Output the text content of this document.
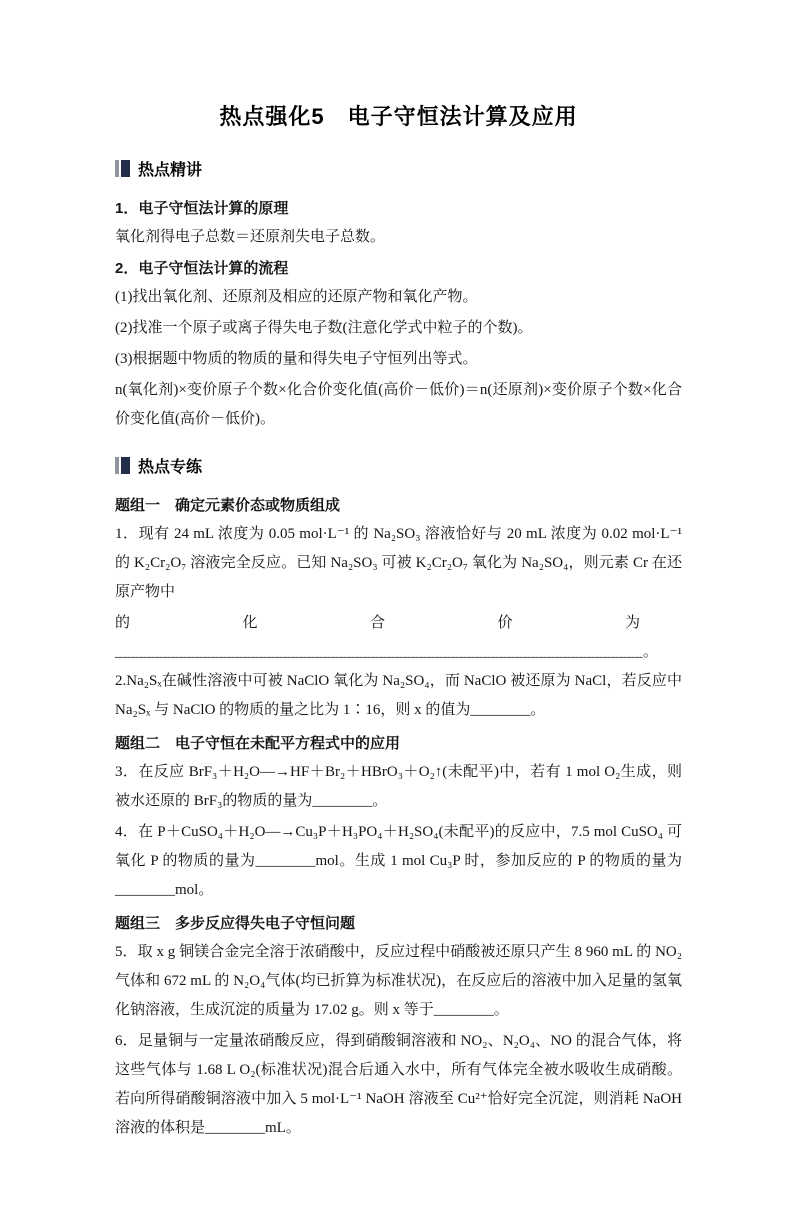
热点强化5　电子守恒法计算及应用
热点精讲

1．电子守恒法计算的原理

氧化剂得电子总数＝还原剂失电子总数。

2．电子守恒法计算的流程

(1)找出氧化剂、还原剂及相应的还原产物和氧化产物。

(2)找准一个原子或离子得失电子数(注意化学式中粒子的个数)。

(3)根据题中物质的物质的量和得失电子守恒列出等式。

n(氧化剂)×变价原子个数×化合价变化值(高价－低价)＝n(还原剂)×变价原子个数×化合价变化值(高价－低价)。

热点专练

题组一　确定元素价态或物质组成

1．现有 24 mL 浓度为 0.05 mol·L⁻¹ 的 Na₂SO₃ 溶液恰好与 20 mL 浓度为 0.02 mol·L⁻¹ 的 K₂Cr₂O₇ 溶液完全反应。已知 Na₂SO₃ 可被 K₂Cr₂O₇ 氧化为 Na₂SO₄，则元素 Cr 在还原产物中

的化合价为

__________________________________________________________________。

2.Na₂Sₓ在碱性溶液中可被 NaClO 氧化为 Na₂SO₄，而 NaClO 被还原为 NaCl，若反应中 Na₂Sₓ 与 NaClO 的物质的量之比为 1∶16，则 x 的值为________。

题组二　电子守恒在未配平方程式中的应用

3．在反应 BrF₃＋H₂O―→HF＋Br₂＋HBrO₃＋O₂↑(未配平)中，若有 1 mol O₂生成，则被水还原的 BrF₃的物质的量为________。

4．在 P＋CuSO₄＋H₂O―→Cu₃P＋H₃PO₄＋H₂SO₄(未配平)的反应中，7.5 mol CuSO₄ 可氧化 P 的物质的量为________mol。生成 1 mol Cu₃P 时，参加反应的 P 的物质的量为________mol。

题组三　多步反应得失电子守恒问题

5．取 x g 铜镁合金完全溶于浓硝酸中，反应过程中硝酸被还原只产生 8 960 mL 的 NO₂气体和 672 mL 的 N₂O₄气体(均已折算为标准状况)，在反应后的溶液中加入足量的氢氧化钠溶液，生成沉淀的质量为 17.02 g。则 x 等于________。

6．足量铜与一定量浓硝酸反应，得到硝酸铜溶液和 NO₂、N₂O₄、NO 的混合气体，将这些气体与 1.68 L O₂(标准状况)混合后通入水中，所有气体完全被水吸收生成硝酸。若向所得硝酸铜溶液中加入 5 mol·L⁻¹ NaOH 溶液至 Cu²⁺恰好完全沉淀，则消耗 NaOH 溶液的体积是________mL。
